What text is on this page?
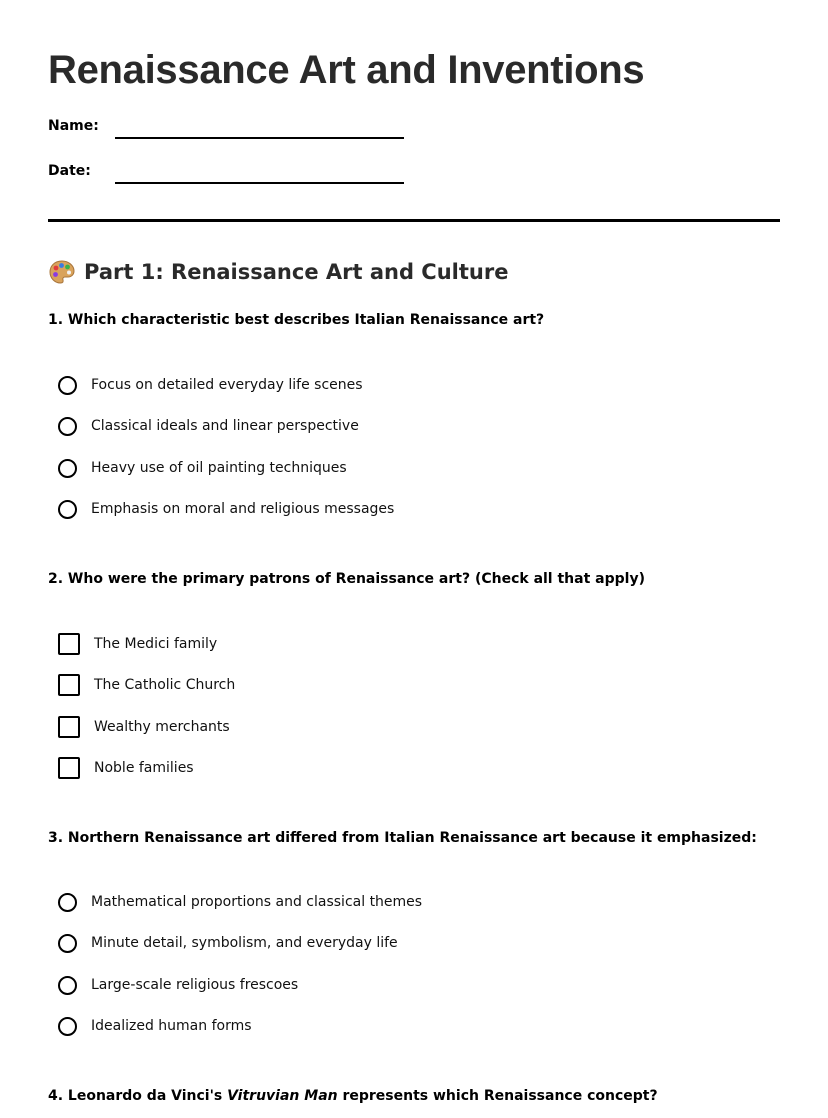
Renaissance Art and Inventions
Name:
Date:
Part 1: Renaissance Art and Culture

1. Which characteristic best describes Italian Renaissance art?

Focus on detailed everyday life scenes
Classical ideals and linear perspective
Heavy use of oil painting techniques
Emphasis on moral and religious messages

2. Who were the primary patrons of Renaissance art? (Check all that apply)

The Medici family
The Catholic Church
Wealthy merchants
Noble families

3. Northern Renaissance art differed from Italian Renaissance art because it emphasized:

Mathematical proportions and classical themes
Minute detail, symbolism, and everyday life
Large-scale religious frescoes
Idealized human forms

4. Leonardo da Vinci's Vitruvian Man represents which Renaissance concept?
